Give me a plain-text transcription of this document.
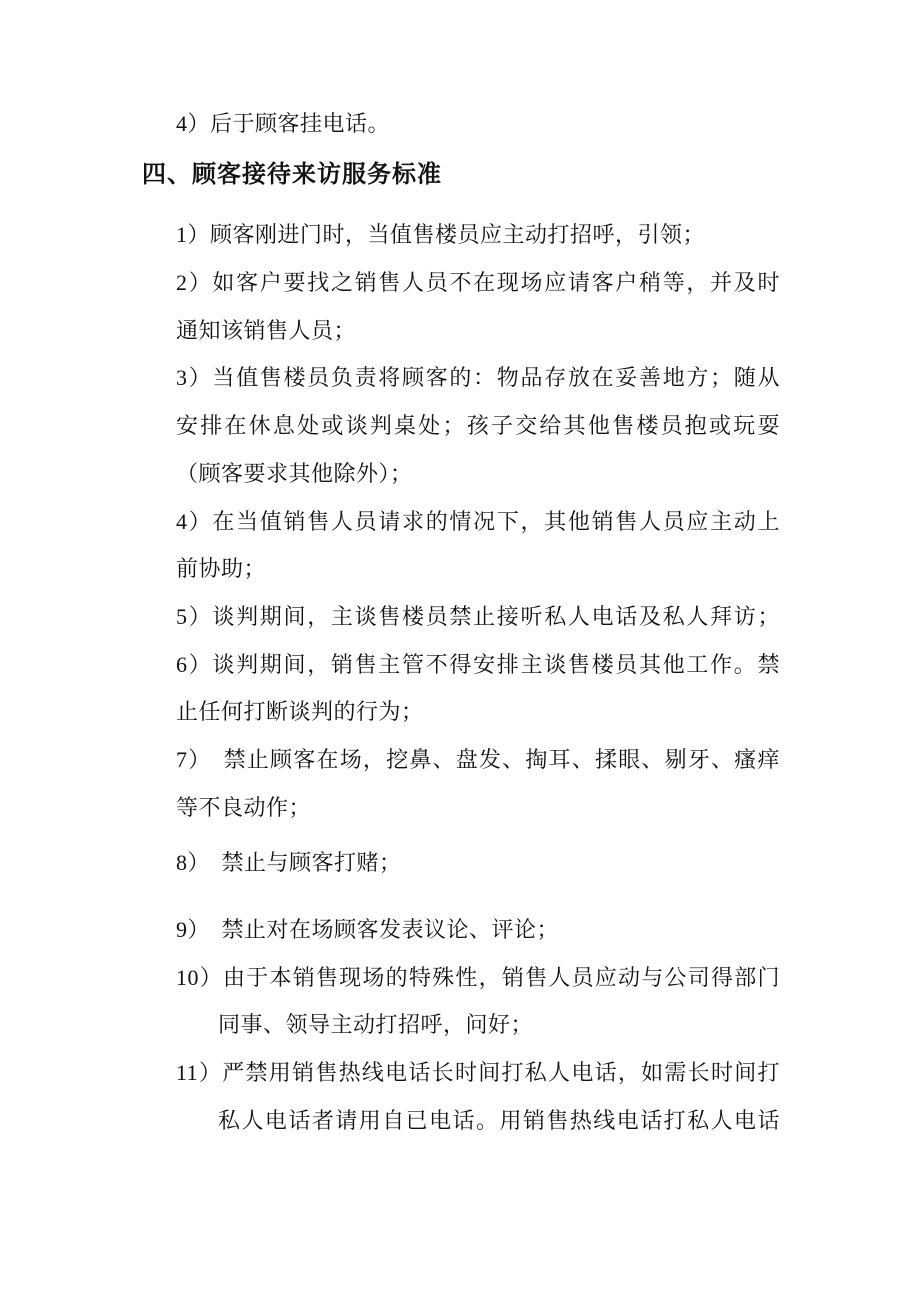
4）后于顾客挂电话。
四、顾客接待来访服务标准
1）顾客刚进门时，当值售楼员应主动打招呼，引领；
2）如客户要找之销售人员不在现场应请客户稍等，并及时
通知该销售人员；
3）当值售楼员负责将顾客的：物品存放在妥善地方；随从
安排在休息处或谈判桌处；孩子交给其他售楼员抱或玩耍
（顾客要求其他除外）；
4）在当值销售人员请求的情况下，其他销售人员应主动上
前协助；
5）谈判期间，主谈售楼员禁止接听私人电话及私人拜访；
6）谈判期间，销售主管不得安排主谈售楼员其他工作。禁
止任何打断谈判的行为；
7）　禁止顾客在场，挖鼻、盘发、掏耳、揉眼、剔牙、瘙痒
等不良动作；
8）　禁止与顾客打赌；
9）　禁止对在场顾客发表议论、评论；
10）由于本销售现场的特殊性，销售人员应动与公司得部门
同事、领导主动打招呼，问好；
11）严禁用销售热线电话长时间打私人电话，如需长时间打
私人电话者请用自已电话。用销售热线电话打私人电话
